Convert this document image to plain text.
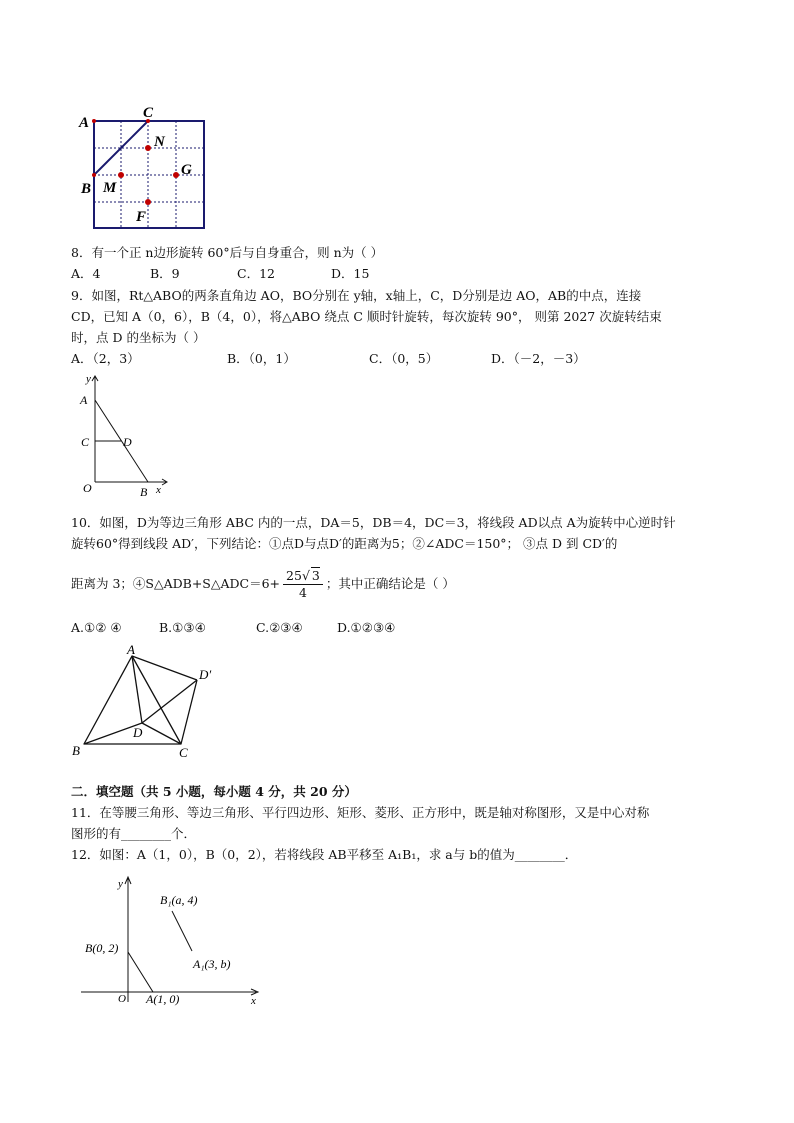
A
C
N
G
B M
F
8．有一个正 n边形旋转 60°后与自身重合，则 n为（ ）
A．4	B．9	C．12	D．15
9．如图，Rt△ABO的两条直角边 AO，BO分别在 y轴，x轴上，C，D分别是边 AO，AB的中点，连接
CD，已知 A（0，6），B（4，0），将△ABO 绕点 C 顺时针旋转，每次旋转 90°， 则第 2027 次旋转结束
时，点 D 的坐标为（ ）
A．（2，3）	B．（0，1）	C．（0，5）	D．（－2，－3）
y
A
C	D
O	B x
10．如图，D为等边三角形 ABC 内的一点，DA＝5，DB＝4，DC＝3，将线段 AD以点 A为旋转中心逆时针
旋转60°得到线段 AD′，下列结论：①点D与点D′的距离为5；②∠ADC＝150°； ③点 D 到 CD′的
距离为 3；④S△ADB+S△ADC＝6+ $\frac{25√ 3}{4}$ ；其中正确结论是（ ）
A.①② ④	B.①③④	C.②③④	D.①②③④
A
D′
D
B	C
二．填空题（共 5 小题，每小题 4 分，共 20 分）
11．在等腰三角形、等边三角形、平行四边形、矩形、菱形、正方形中，既是轴对称图形，又是中心对称
图形的有________个．
12．如图：A（1，0），B（0，2），若将线段 AB平移至 A₁B₁，求 a与 b的值为________．
y
B₁(a, 4)
B(0, 2)
A₁(3, b)
O A(1, 0)	x
